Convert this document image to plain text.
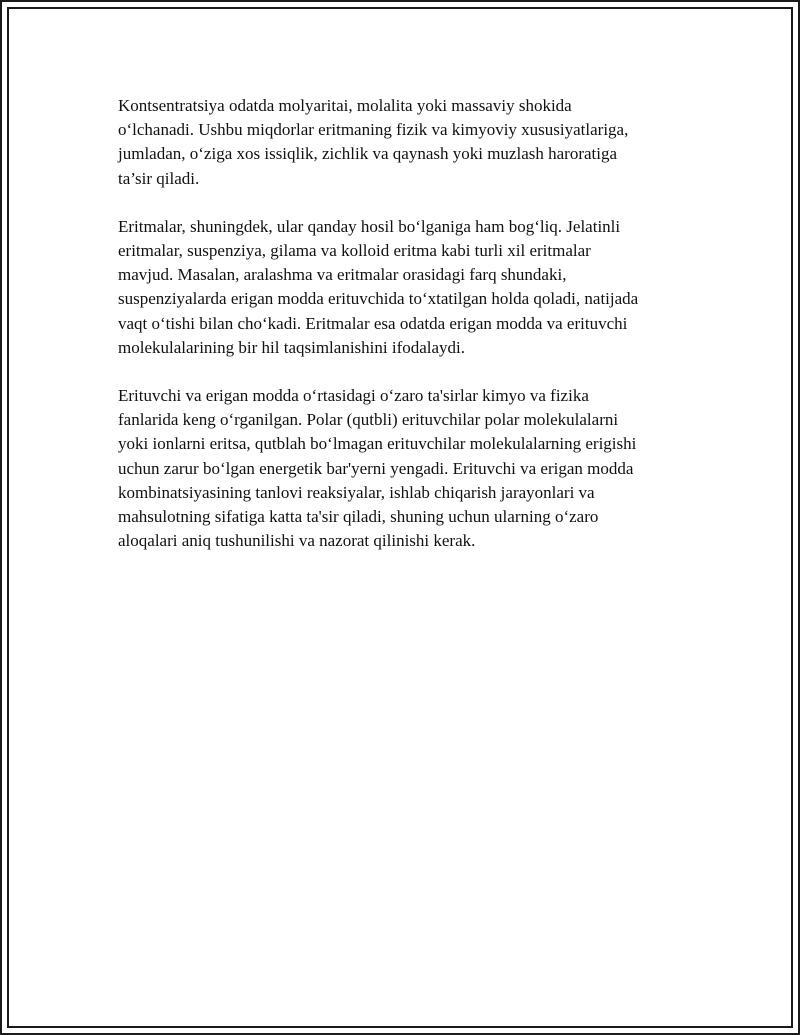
Kontsentratsiya odatda molyaritai, molalita yoki massaviy shokida
oʻlchanadi. Ushbu miqdorlar eritmaning fizik va kimyoviy xususiyatlariga,
jumladan, oʻziga xos issiqlik, zichlik va qaynash yoki muzlash haroratiga
ta’sir qiladi.

Eritmalar, shuningdek, ular qanday hosil boʻlganiga ham bogʻliq. Jelatinli
eritmalar, suspenziya, gilama va kolloid eritma kabi turli xil eritmalar
mavjud. Masalan, aralashma va eritmalar orasidagi farq shundaki,
suspenziyalarda erigan modda erituvchida toʻxtatilgan holda qoladi, natijada
vaqt oʻtishi bilan choʻkadi. Eritmalar esa odatda erigan modda va erituvchi
molekulalarining bir hil taqsimlanishini ifodalaydi.

Erituvchi va erigan modda oʻrtasidagi oʻzaro ta'sirlar kimyo va fizika
fanlarida keng oʻrganilgan. Polar (qutbli) erituvchilar polar molekulalarni
yoki ionlarni eritsa, qutblah boʻlmagan erituvchilar molekulalarning erigishi
uchun zarur boʻlgan energetik bar'yerni yengadi. Erituvchi va erigan modda
kombinatsiyasining tanlovi reaksiyalar, ishlab chiqarish jarayonlari va
mahsulotning sifatiga katta ta'sir qiladi, shuning uchun ularning oʻzaro
aloqalari aniq tushunilishi va nazorat qilinishi kerak.
